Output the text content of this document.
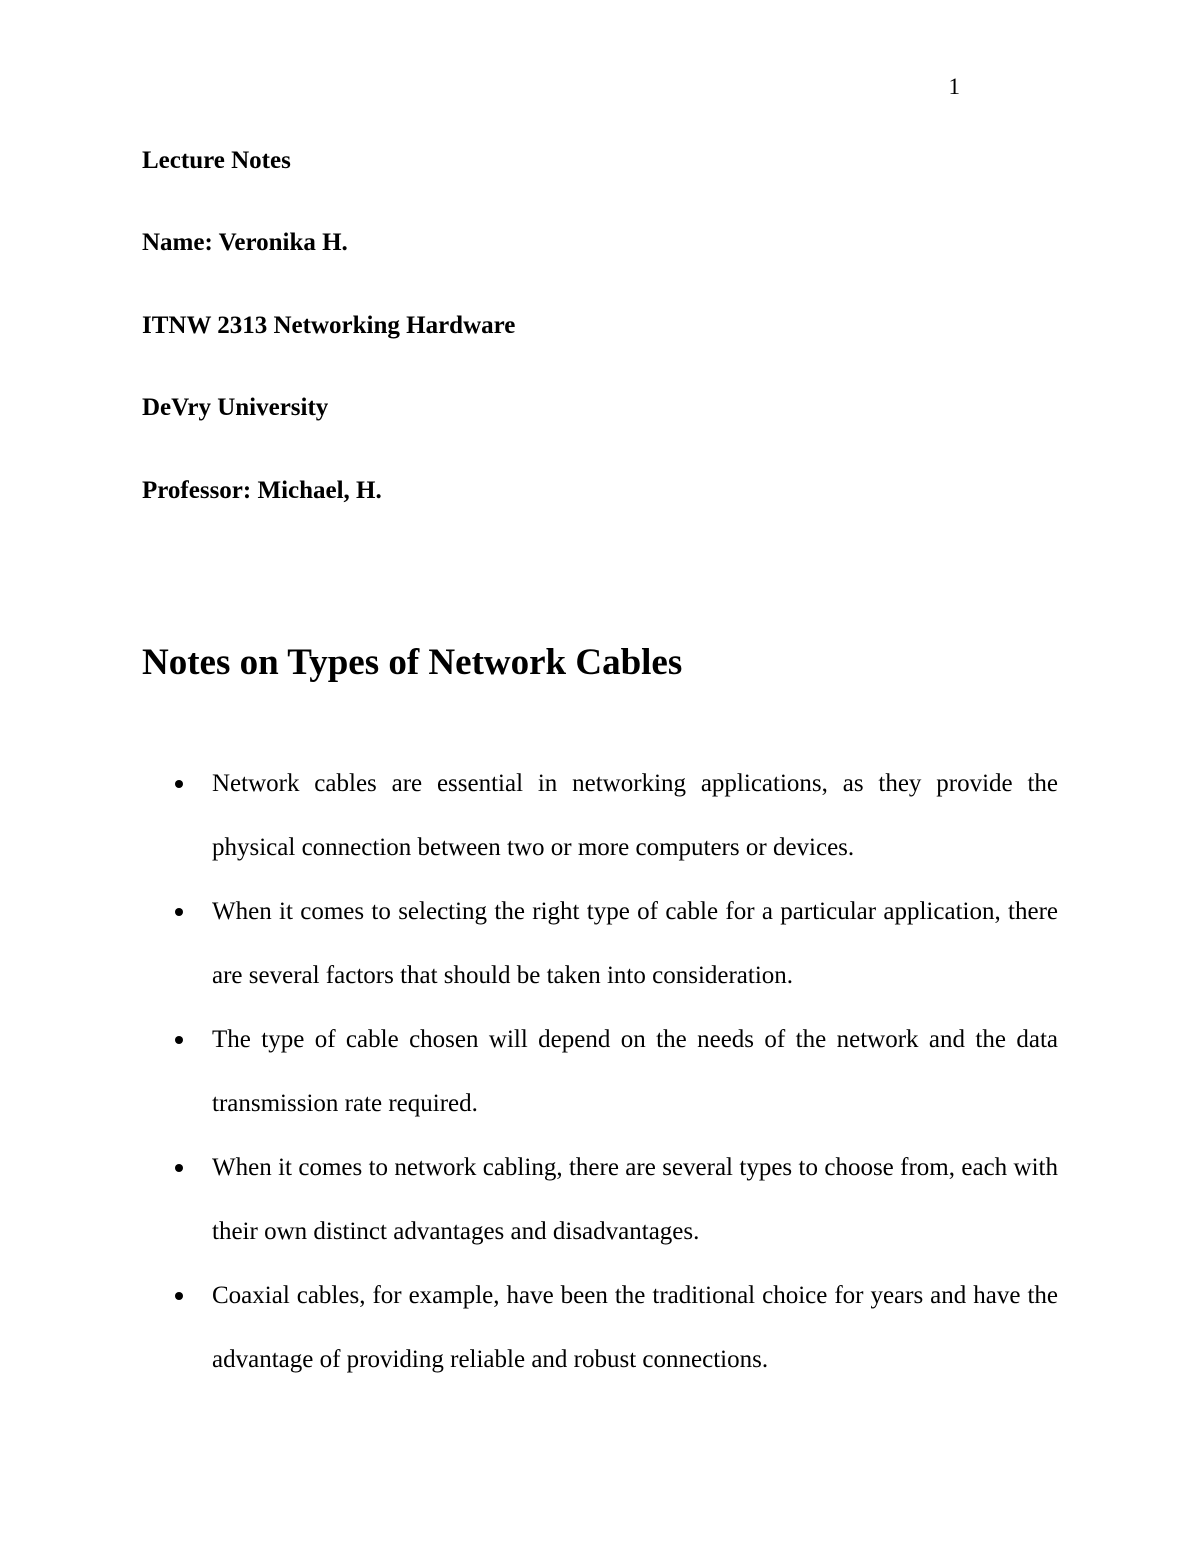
1
Lecture Notes
Name: Veronika H.
ITNW 2313 Networking Hardware
DeVry University
Professor: Michael, H.
Notes on Types of Network Cables
Network cables are essential in networking applications, as they provide the physical connection between two or more computers or devices.
When it comes to selecting the right type of cable for a particular application, there are several factors that should be taken into consideration.
The type of cable chosen will depend on the needs of the network and the data transmission rate required.
When it comes to network cabling, there are several types to choose from, each with their own distinct advantages and disadvantages.
Coaxial cables, for example, have been the traditional choice for years and have the advantage of providing reliable and robust connections.
